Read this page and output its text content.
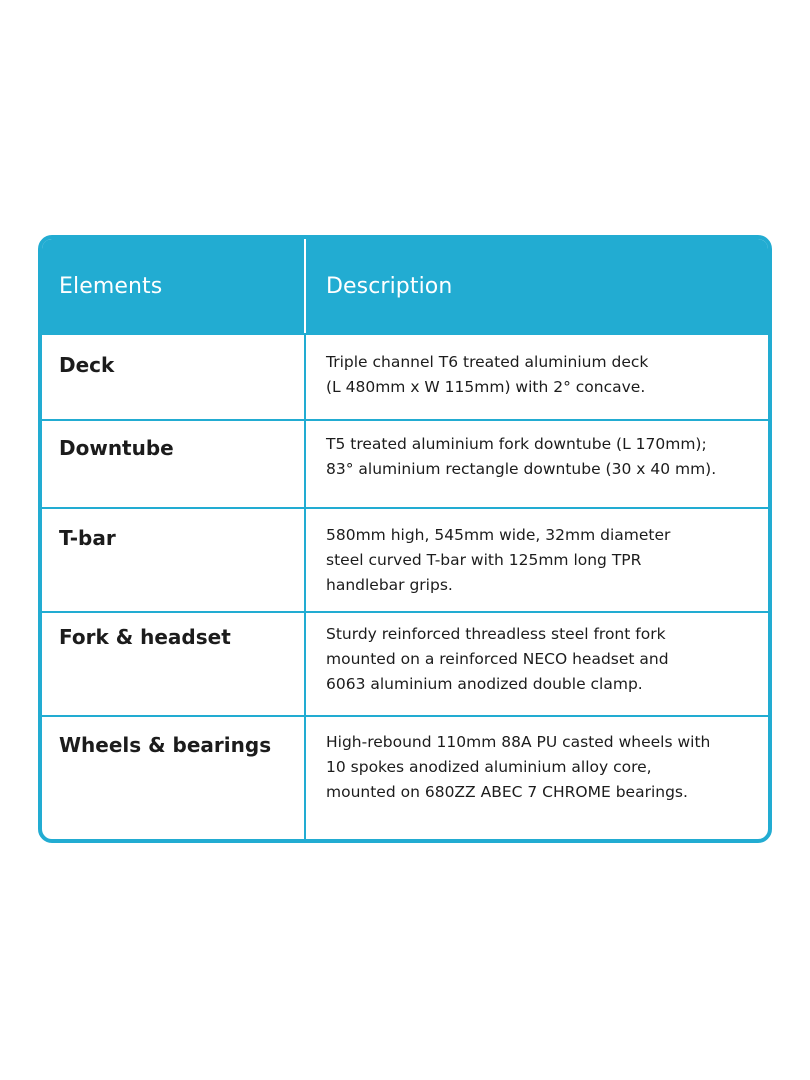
Elements	Description
Deck	Triple channel T6 treated aluminium deck
(L 480mm x W 115mm) with 2° concave.
Downtube	T5 treated aluminium fork downtube (L 170mm);
83° aluminium rectangle downtube (30 x 40 mm).
T-bar	580mm high, 545mm wide, 32mm diameter
steel curved T-bar with 125mm long TPR
handlebar grips.
Fork & headset	Sturdy reinforced threadless steel front fork
mounted on a reinforced NECO headset and
6063 aluminium anodized double clamp.
Wheels & bearings	High-rebound 110mm 88A PU casted wheels with
10 spokes anodized aluminium alloy core,
mounted on 680ZZ ABEC 7 CHROME bearings.
